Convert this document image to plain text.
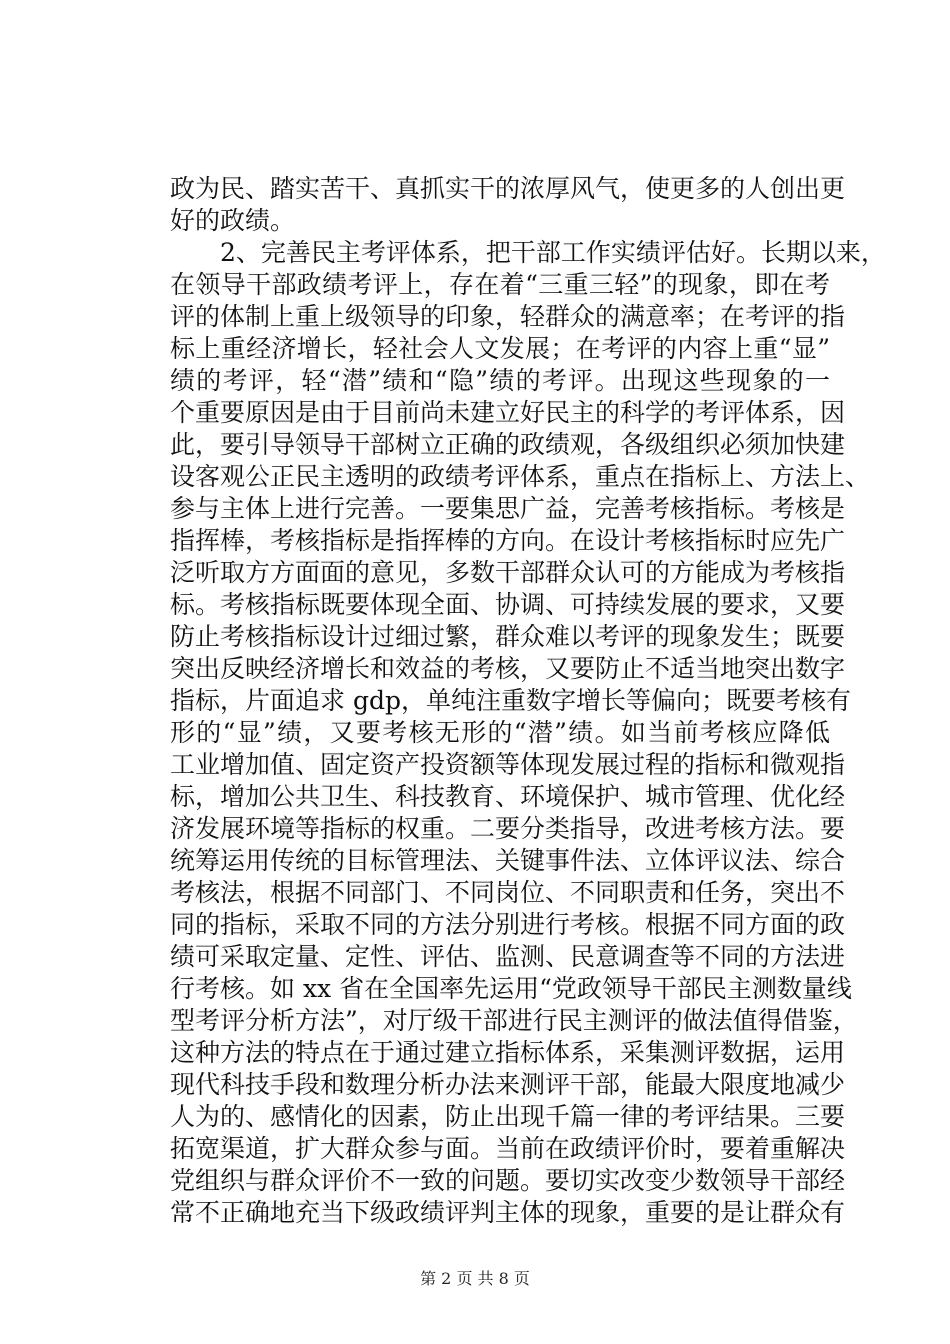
政为民、踏实苦干、真抓实干的浓厚风气，使更多的人创出更
好的政绩。
2、完善民主考评体系，把干部工作实绩评估好。长期以来，
在领导干部政绩考评上，存在着“三重三轻”的现象，即在考
评的体制上重上级领导的印象，轻群众的满意率；在考评的指
标上重经济增长，轻社会人文发展；在考评的内容上重“显”
绩的考评，轻“潜”绩和“隐”绩的考评。出现这些现象的一
个重要原因是由于目前尚未建立好民主的科学的考评体系，因
此，要引导领导干部树立正确的政绩观，各级组织必须加快建
设客观公正民主透明的政绩考评体系，重点在指标上、方法上、
参与主体上进行完善。一要集思广益，完善考核指标。考核是
指挥棒，考核指标是指挥棒的方向。在设计考核指标时应先广
泛听取方方面面的意见，多数干部群众认可的方能成为考核指
标。考核指标既要体现全面、协调、可持续发展的要求，又要
防止考核指标设计过细过繁，群众难以考评的现象发生；既要
突出反映经济增长和效益的考核，又要防止不适当地突出数字
指标，片面追求 gdp，单纯注重数字增长等偏向；既要考核有
形的“显”绩，又要考核无形的“潜”绩。如当前考核应降低
工业增加值、固定资产投资额等体现发展过程的指标和微观指
标，增加公共卫生、科技教育、环境保护、城市管理、优化经
济发展环境等指标的权重。二要分类指导，改进考核方法。要
统筹运用传统的目标管理法、关键事件法、立体评议法、综合
考核法，根据不同部门、不同岗位、不同职责和任务，突出不
同的指标，采取不同的方法分别进行考核。根据不同方面的政
绩可采取定量、定性、评估、监测、民意调查等不同的方法进
行考核。如 xx 省在全国率先运用“党政领导干部民主测数量线
型考评分析方法”，对厅级干部进行民主测评的做法值得借鉴，
这种方法的特点在于通过建立指标体系，采集测评数据，运用
现代科技手段和数理分析办法来测评干部，能最大限度地减少
人为的、感情化的因素，防止出现千篇一律的考评结果。三要
拓宽渠道，扩大群众参与面。当前在政绩评价时，要着重解决
党组织与群众评价不一致的问题。要切实改变少数领导干部经
常不正确地充当下级政绩评判主体的现象，重要的是让群众有
第 2 页 共 8 页
